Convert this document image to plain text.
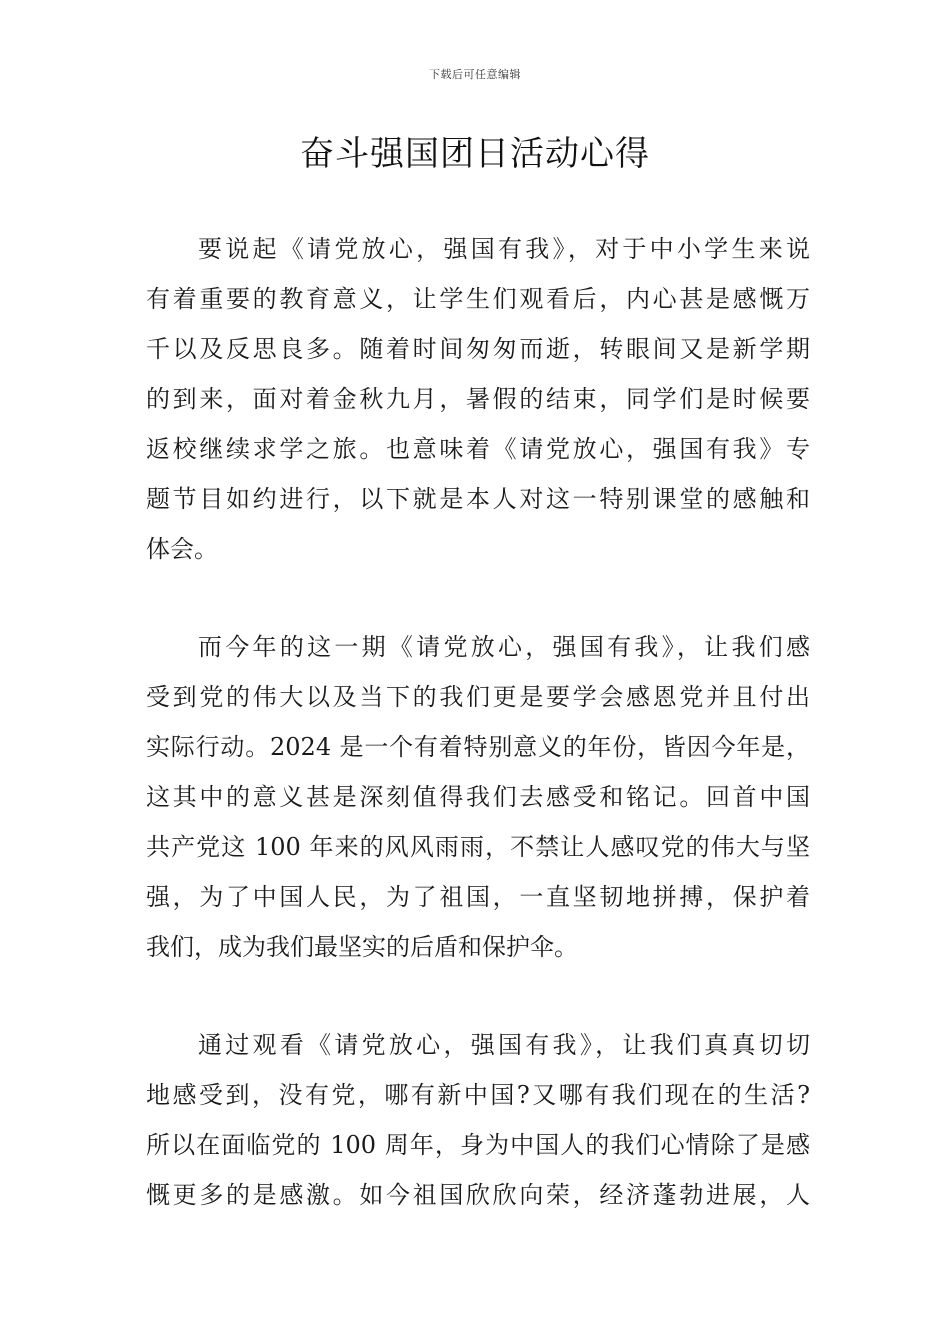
下载后可任意编辑
奋斗强国团日活动心得
要说起《请党放心，强国有我》，对于中小学生来说
有着重要的教育意义，让学生们观看后，内心甚是感慨万
千以及反思良多。随着时间匆匆而逝，转眼间又是新学期
的到来，面对着金秋九月，暑假的结束，同学们是时候要
返校继续求学之旅。也意味着《请党放心，强国有我》专
题节目如约进行，以下就是本人对这一特别课堂的感触和
体会。
而今年的这一期《请党放心，强国有我》，让我们感
受到党的伟大以及当下的我们更是要学会感恩党并且付出
实际行动。2024 是一个有着特别意义的年份，皆因今年是，
这其中的意义甚是深刻值得我们去感受和铭记。回首中国
共产党这 100 年来的风风雨雨，不禁让人感叹党的伟大与坚
强，为了中国人民，为了祖国，一直坚韧地拼搏，保护着
我们，成为我们最坚实的后盾和保护伞。
通过观看《请党放心，强国有我》，让我们真真切切
地感受到，没有党，哪有新中国?又哪有我们现在的生活?
所以在面临党的 100 周年，身为中国人的我们心情除了是感
慨更多的是感激。如今祖国欣欣向荣，经济蓬勃进展，人
